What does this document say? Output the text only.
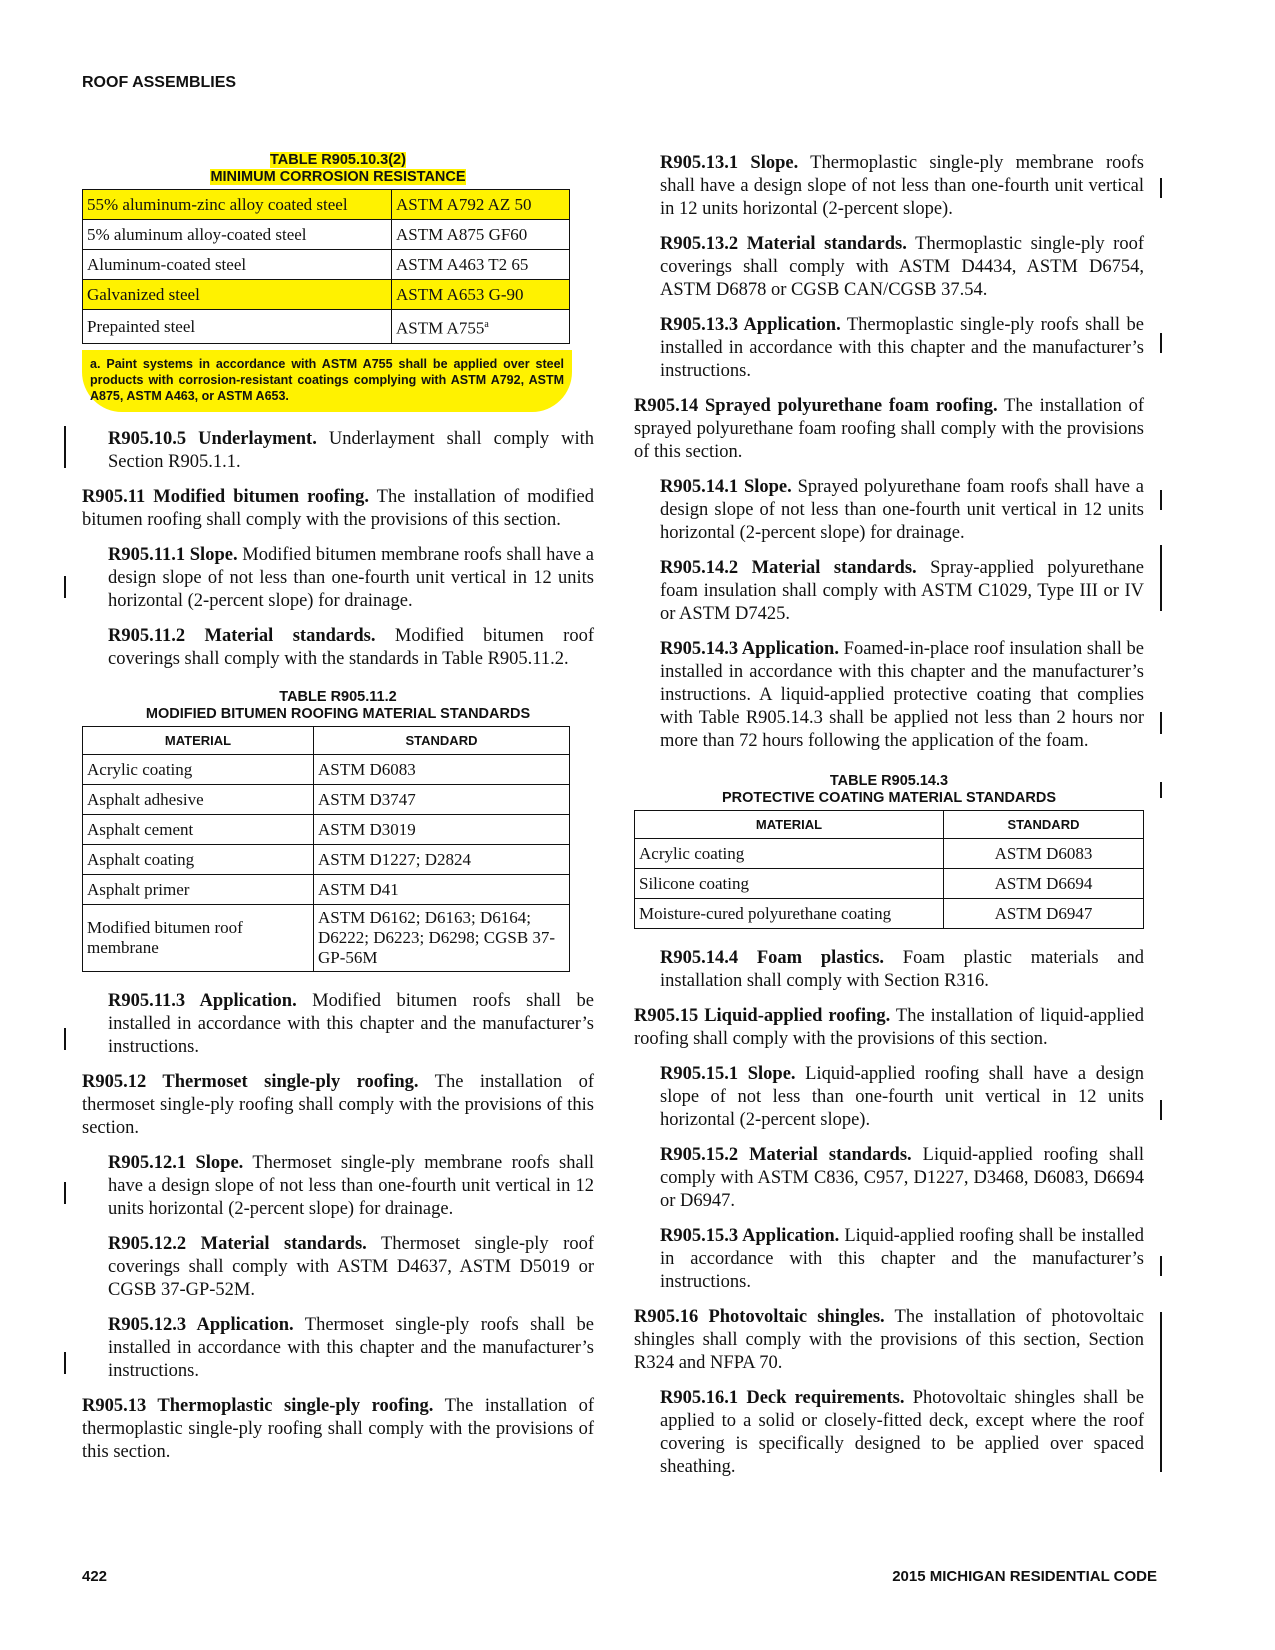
ROOF ASSEMBLIES
TABLE R905.10.3(2)
MINIMUM CORROSION RESISTANCE
55% aluminum-zinc alloy coated steel	ASTM A792 AZ 50
5% aluminum alloy-coated steel	ASTM A875 GF60
Aluminum-coated steel	ASTM A463 T2 65
Galvanized steel	ASTM A653 G-90
Prepainted steel	ASTM A755$^a$
a. Paint systems in accordance with ASTM A755 shall be applied over steel products with corrosion-resistant coatings complying with ASTM A792, ASTM A875, ASTM A463, or ASTM A653.

R905.10.5 Underlayment. Underlayment shall comply with Section R905.1.1.

R905.11 Modified bitumen roofing. The installation of modified bitumen roofing shall comply with the provisions of this section.

R905.11.1 Slope. Modified bitumen membrane roofs shall have a design slope of not less than one-fourth unit vertical in 12 units horizontal (2-percent slope) for drainage.

R905.11.2 Material standards. Modified bitumen roof coverings shall comply with the standards in Table R905.11.2.

TABLE R905.11.2
MODIFIED BITUMEN ROOFING MATERIAL STANDARDS
MATERIAL	STANDARD
Acrylic coating	ASTM D6083
Asphalt adhesive	ASTM D3747
Asphalt cement	ASTM D3019
Asphalt coating	ASTM D1227; D2824
Asphalt primer	ASTM D41
Modified bitumen roof membrane	ASTM D6162; D6163; D6164; D6222; D6223; D6298; CGSB 37-GP-56M

R905.11.3 Application. Modified bitumen roofs shall be installed in accordance with this chapter and the manufacturer’s instructions.

R905.12 Thermoset single-ply roofing. The installation of thermoset single-ply roofing shall comply with the provisions of this section.

R905.12.1 Slope. Thermoset single-ply membrane roofs shall have a design slope of not less than one-fourth unit vertical in 12 units horizontal (2-percent slope) for drainage.

R905.12.2 Material standards. Thermoset single-ply roof coverings shall comply with ASTM D4637, ASTM D5019 or CGSB 37-GP-52M.

R905.12.3 Application. Thermoset single-ply roofs shall be installed in accordance with this chapter and the manufacturer’s instructions.

R905.13 Thermoplastic single-ply roofing. The installation of thermoplastic single-ply roofing shall comply with the provisions of this section.

R905.13.1 Slope. Thermoplastic single-ply membrane roofs shall have a design slope of not less than one-fourth unit vertical in 12 units horizontal (2-percent slope).

R905.13.2 Material standards. Thermoplastic single-ply roof coverings shall comply with ASTM D4434, ASTM D6754, ASTM D6878 or CGSB CAN/CGSB 37.54.

R905.13.3 Application. Thermoplastic single-ply roofs shall be installed in accordance with this chapter and the manufacturer’s instructions.

R905.14 Sprayed polyurethane foam roofing. The installation of sprayed polyurethane foam roofing shall comply with the provisions of this section.

R905.14.1 Slope. Sprayed polyurethane foam roofs shall have a design slope of not less than one-fourth unit vertical in 12 units horizontal (2-percent slope) for drainage.

R905.14.2 Material standards. Spray-applied polyurethane foam insulation shall comply with ASTM C1029, Type III or IV or ASTM D7425.

R905.14.3 Application. Foamed-in-place roof insulation shall be installed in accordance with this chapter and the manufacturer’s instructions. A liquid-applied protective coating that complies with Table R905.14.3 shall be applied not less than 2 hours nor more than 72 hours following the application of the foam.

TABLE R905.14.3
PROTECTIVE COATING MATERIAL STANDARDS
MATERIAL	STANDARD
Acrylic coating	ASTM D6083
Silicone coating	ASTM D6694
Moisture-cured polyurethane coating	ASTM D6947

R905.14.4 Foam plastics. Foam plastic materials and installation shall comply with Section R316.

R905.15 Liquid-applied roofing. The installation of liquid-applied roofing shall comply with the provisions of this section.

R905.15.1 Slope. Liquid-applied roofing shall have a design slope of not less than one-fourth unit vertical in 12 units horizontal (2-percent slope).

R905.15.2 Material standards. Liquid-applied roofing shall comply with ASTM C836, C957, D1227, D3468, D6083, D6694 or D6947.

R905.15.3 Application. Liquid-applied roofing shall be installed in accordance with this chapter and the manufacturer’s instructions.

R905.16 Photovoltaic shingles. The installation of photovoltaic shingles shall comply with the provisions of this section, Section R324 and NFPA 70.

R905.16.1 Deck requirements. Photovoltaic shingles shall be applied to a solid or closely-fitted deck, except where the roof covering is specifically designed to be applied over spaced sheathing.

422	2015 MICHIGAN RESIDENTIAL CODE
